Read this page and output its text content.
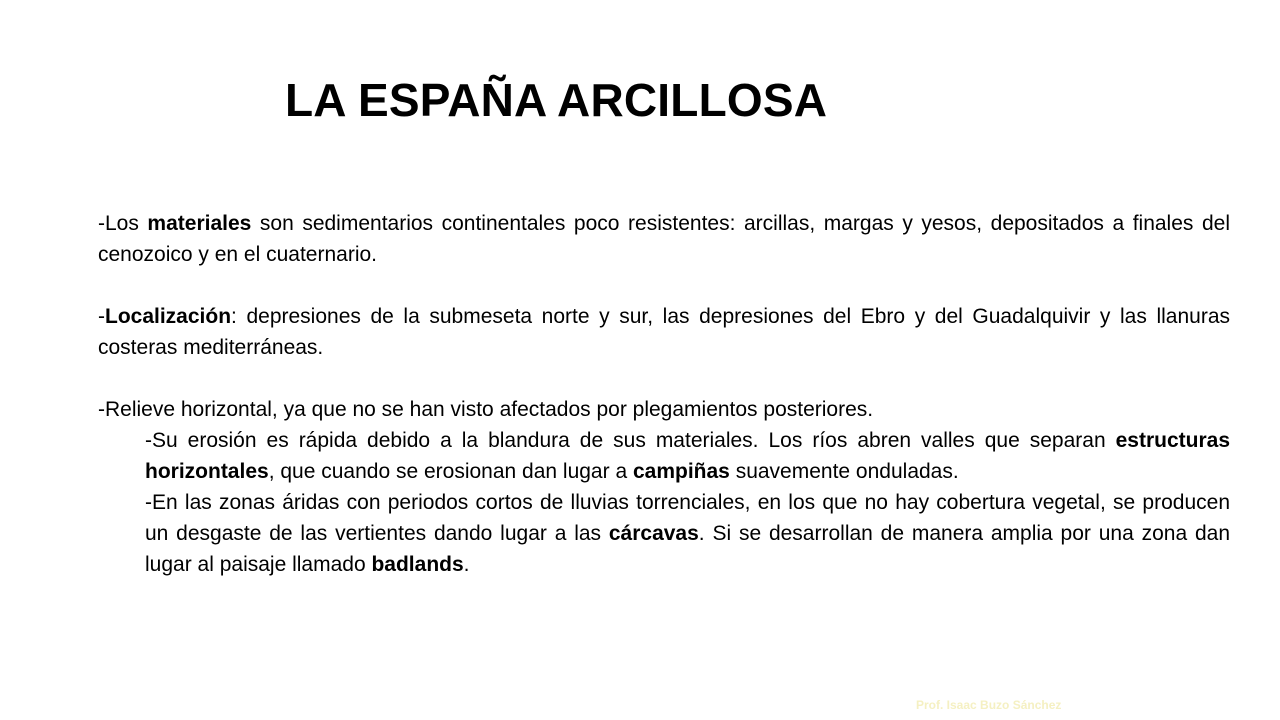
LA ESPAÑA ARCILLOSA

-Los materiales son sedimentarios continentales poco resistentes: arcillas, margas y yesos, depositados a finales del cenozoico y en el cuaternario.

-Localización: depresiones de la submeseta norte y sur, las depresiones del Ebro y del Guadalquivir y las llanuras costeras mediterráneas.

-Relieve horizontal, ya que no se han visto afectados por plegamientos posteriores.

-Su erosión es rápida debido a la blandura de sus materiales. Los ríos abren valles que separan estructuras horizontales, que cuando se erosionan dan lugar a campiñas suavemente onduladas.

-En las zonas áridas con periodos cortos de lluvias torrenciales, en los que no hay cobertura vegetal, se producen un desgaste de las vertientes dando lugar a las cárcavas. Si se desarrollan de manera amplia por una zona dan lugar al paisaje llamado badlands.

Prof. Isaac Buzo Sánchez
